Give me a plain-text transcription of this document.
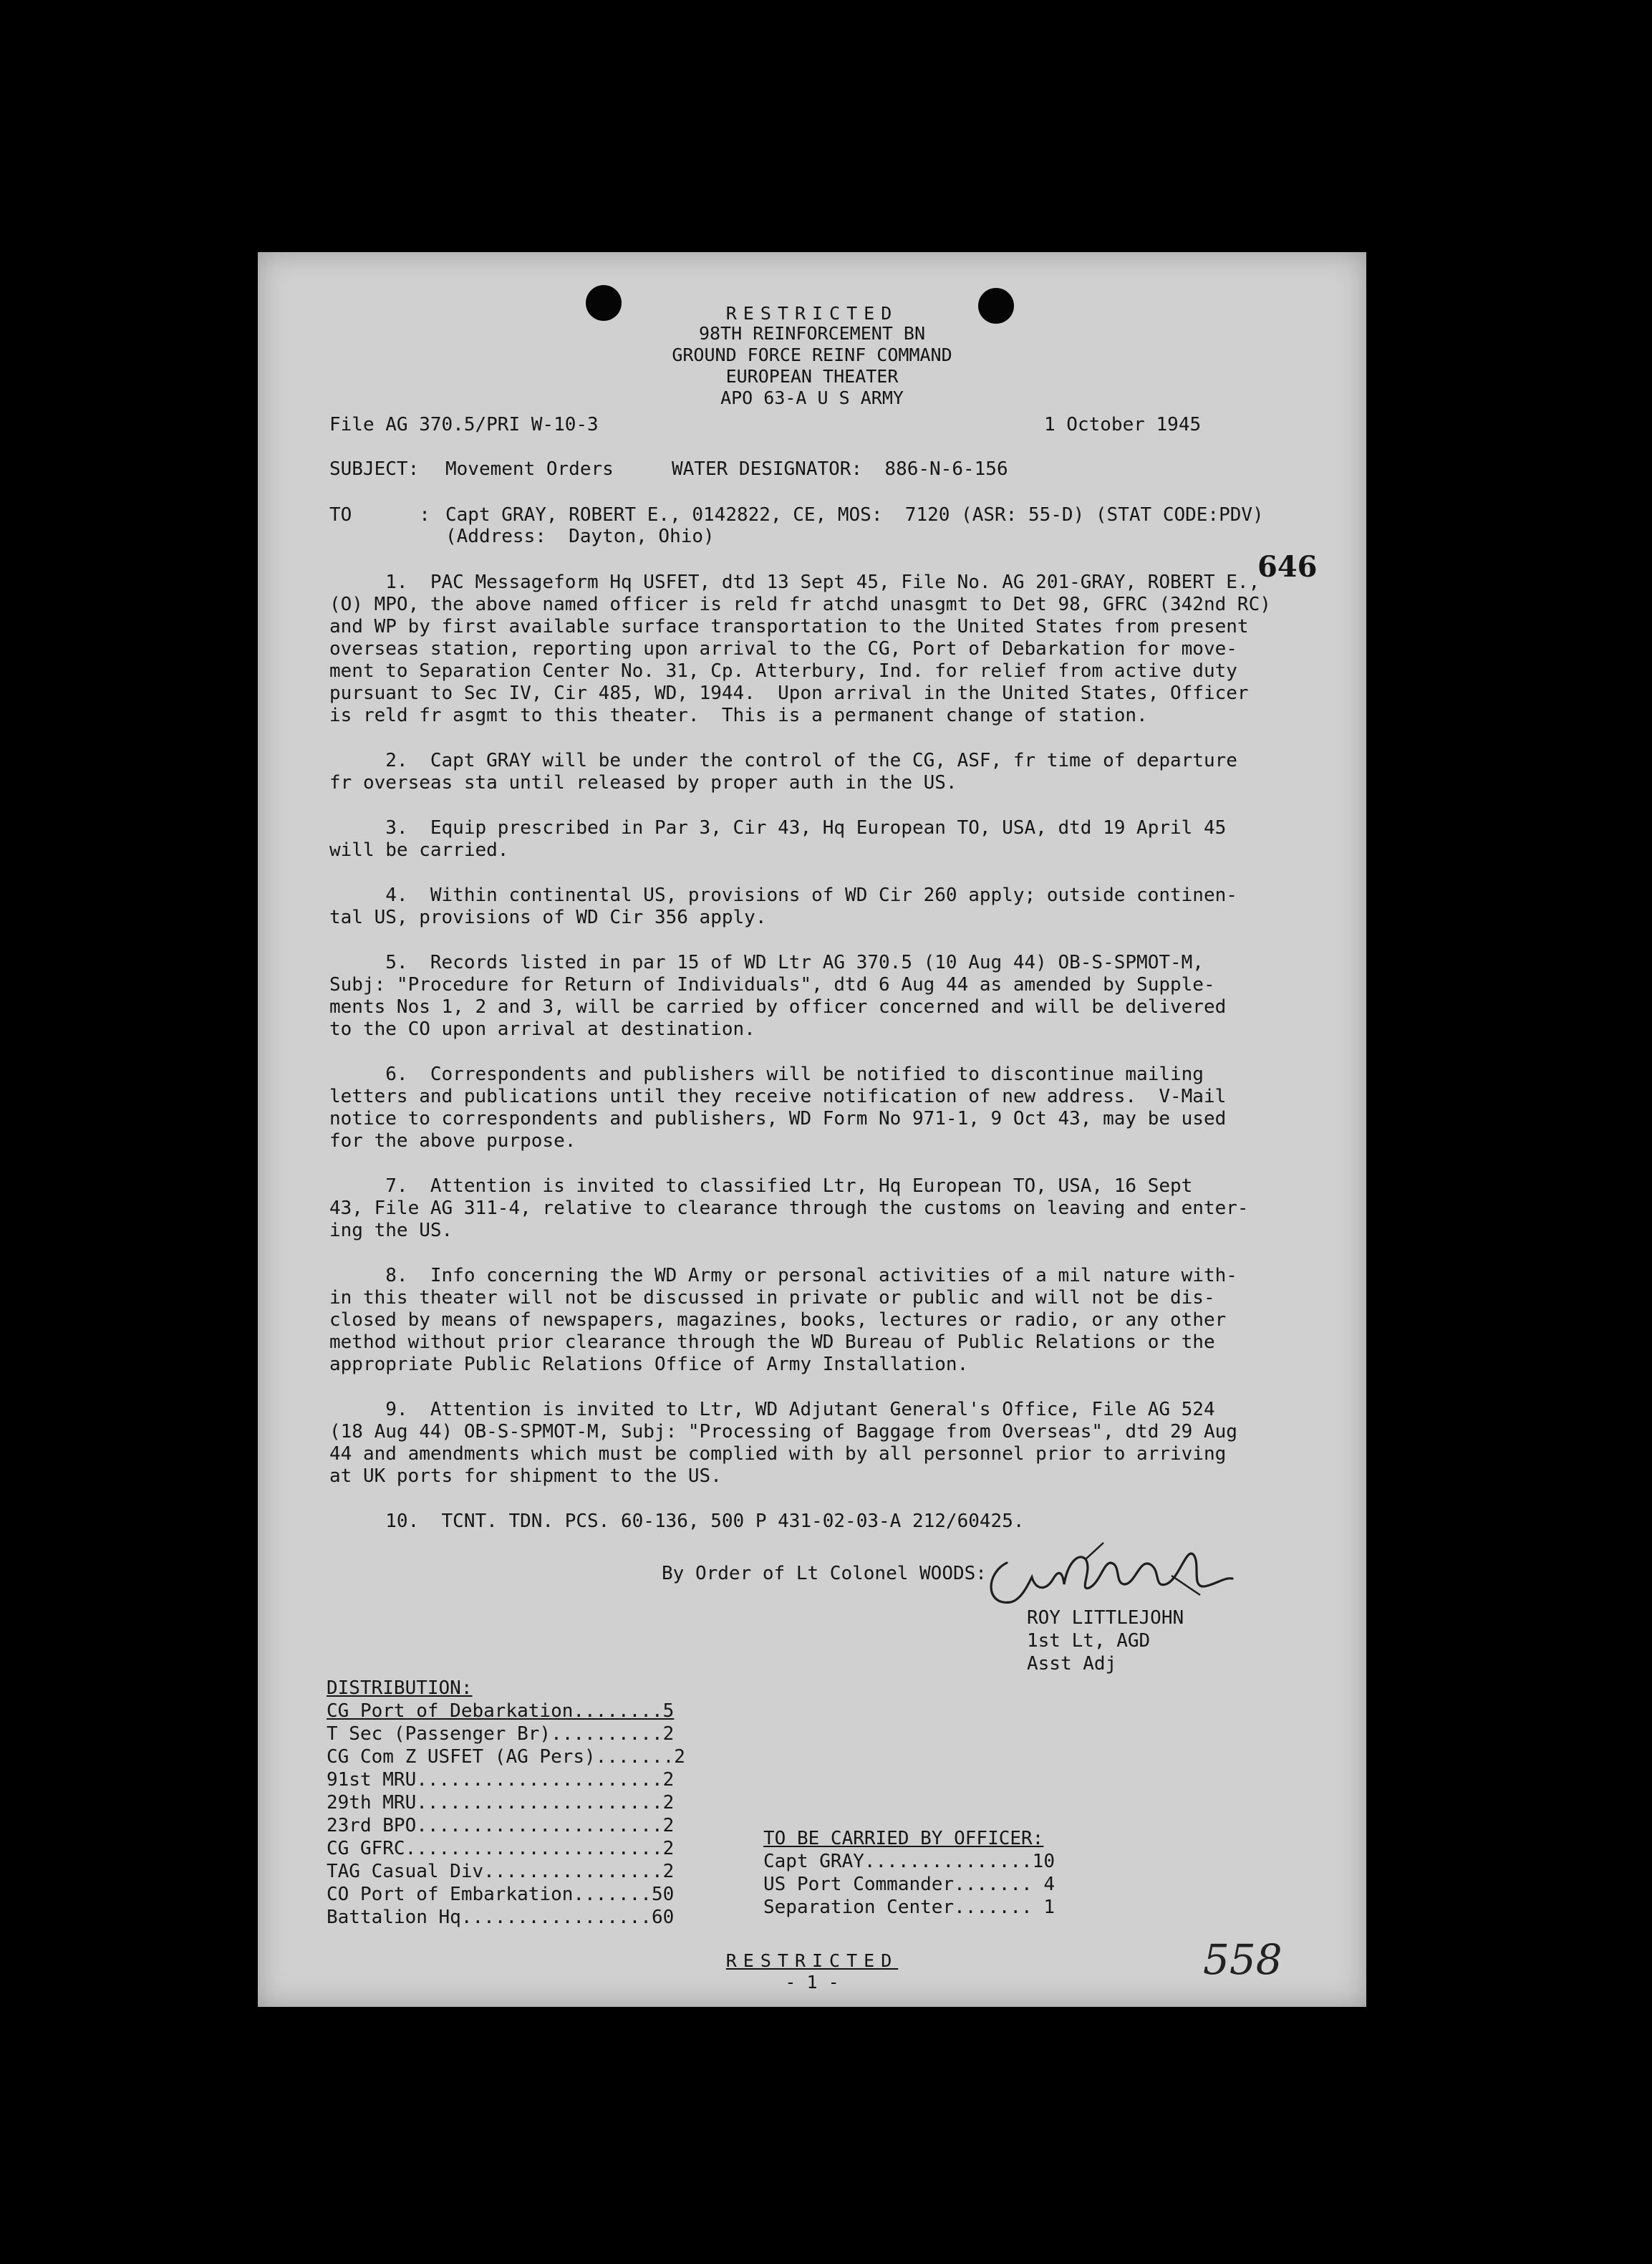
RESTRICTED
98TH REINFORCEMENT BN
GROUND FORCE REINF COMMAND
EUROPEAN THEATER
APO 63-A U S ARMY
File AG 370.5/PRI W-10-3	1 October 1945
SUBJECT: Movement Orders	WATER DESIGNATOR:  886-N-6-156
TO      : Capt GRAY, ROBERT E., 0142822, CE, MOS:  7120 (ASR: 55-D) (STAT CODE:PDV)
(Address:  Dayton, Ohio)
646
1.  PAC Messageform Hq USFET, dtd 13 Sept 45, File No. AG 201-GRAY, ROBERT E.,
(O) MPO, the above named officer is reld fr atchd unasgmt to Det 98, GFRC (342nd RC)
and WP by first available surface transportation to the United States from present
overseas station, reporting upon arrival to the CG, Port of Debarkation for move-
ment to Separation Center No. 31, Cp. Atterbury, Ind. for relief from active duty
pursuant to Sec IV, Cir 485, WD, 1944.  Upon arrival in the United States, Officer
is reld fr asgmt to this theater.  This is a permanent change of station.
2.  Capt GRAY will be under the control of the CG, ASF, fr time of departure
fr overseas sta until released by proper auth in the US.
3.  Equip prescribed in Par 3, Cir 43, Hq European TO, USA, dtd 19 April 45
will be carried.
4.  Within continental US, provisions of WD Cir 260 apply; outside continen-
tal US, provisions of WD Cir 356 apply.
5.  Records listed in par 15 of WD Ltr AG 370.5 (10 Aug 44) OB-S-SPMOT-M,
Subj: "Procedure for Return of Individuals", dtd 6 Aug 44 as amended by Supple-
ments Nos 1, 2 and 3, will be carried by officer concerned and will be delivered
to the CO upon arrival at destination.
6.  Correspondents and publishers will be notified to discontinue mailing
letters and publications until they receive notification of new address.  V-Mail
notice to correspondents and publishers, WD Form No 971-1, 9 Oct 43, may be used
for the above purpose.
7.  Attention is invited to classified Ltr, Hq European TO, USA, 16 Sept
43, File AG 311-4, relative to clearance through the customs on leaving and enter-
ing the US.
8.  Info concerning the WD Army or personal activities of a mil nature with-
in this theater will not be discussed in private or public and will not be dis-
closed by means of newspapers, magazines, books, lectures or radio, or any other
method without prior clearance through the WD Bureau of Public Relations or the
appropriate Public Relations Office of Army Installation.
9.  Attention is invited to Ltr, WD Adjutant General's Office, File AG 524
(18 Aug 44) OB-S-SPMOT-M, Subj: "Processing of Baggage from Overseas", dtd 29 Aug
44 and amendments which must be complied with by all personnel prior to arriving
at UK ports for shipment to the US.
10.  TCNT. TDN. PCS. 60-136, 500 P 431-02-03-A 212/60425.
By Order of Lt Colonel WOODS:
ROY LITTLEJOHN
1st Lt, AGD
Asst Adj
DISTRIBUTION:
CG Port of Debarkation........5
T Sec (Passenger Br)..........2
CG Com Z USFET (AG Pers).......2
91st MRU......................2
29th MRU......................2
23rd BPO......................2
CG GFRC.......................2
TAG Casual Div................2
CO Port of Embarkation.......50
Battalion Hq.................60
TO BE CARRIED BY OFFICER:
Capt GRAY...............10
US Port Commander....... 4
Separation Center....... 1
RESTRICTED
- 1 -	558
